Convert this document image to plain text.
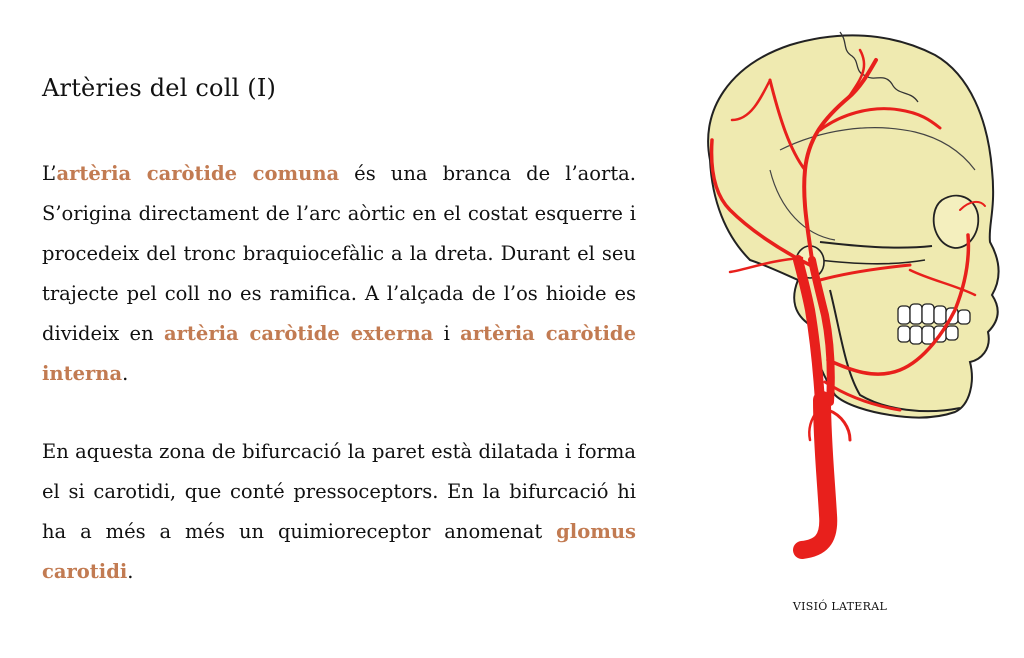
Artèries del coll (I)

L’artèria caròtide comuna és una branca de l’aorta. S’origina directament de l’arc aòrtic en el costat esquerre i procedeix del tronc braquiocefàlic a la dreta. Durant el seu trajecte pel coll no es ramifica. A l’alçada de l’os hioide es divideix en artèria caròtide externa i artèria caròtide interna.

En aquesta zona de bifurcació la paret està dilatada i forma el si carotidi, que conté pressoceptors. En la bifurcació hi ha a més a més un quimioreceptor anomenat glomus carotidi.

VISIÓ LATERAL
